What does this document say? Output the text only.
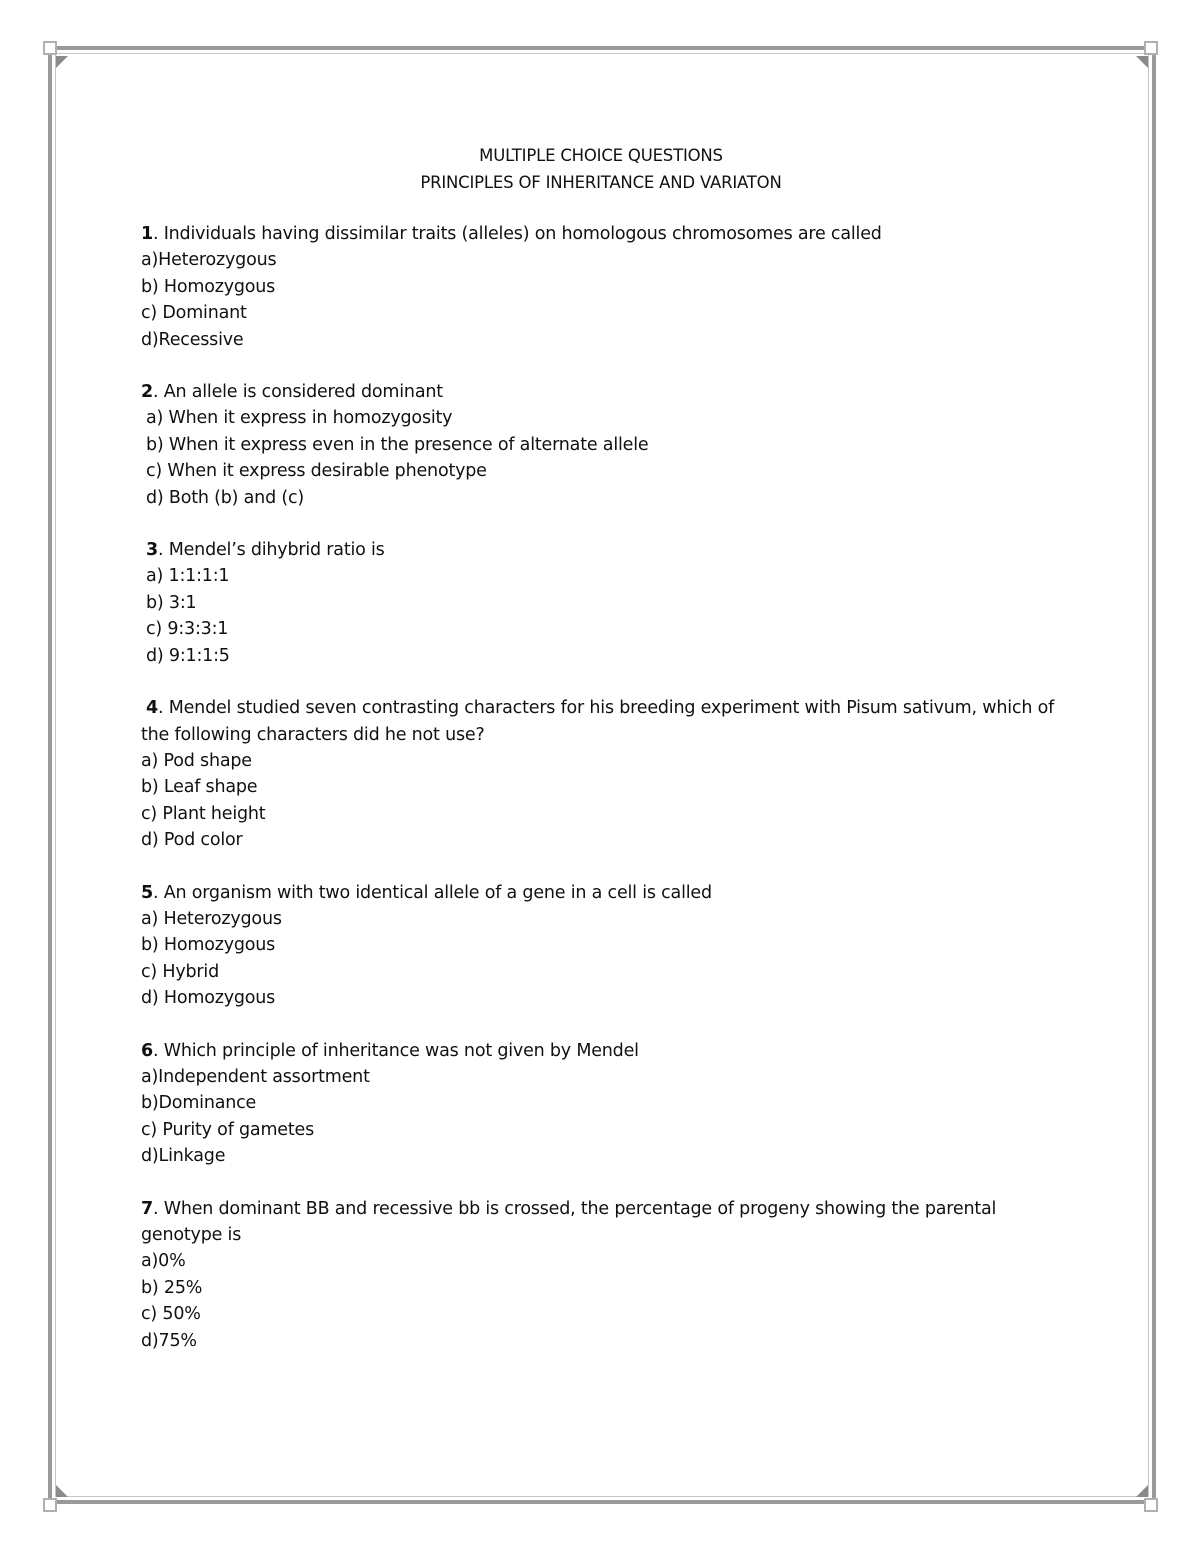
MULTIPLE CHOICE QUESTIONS

PRINCIPLES OF INHERITANCE AND VARIATON

1. Individuals having dissimilar traits (alleles) on homologous chromosomes are called
a)Heterozygous
b) Homozygous
c) Dominant
d)Recessive
2. An allele is considered dominant
a) When it express in homozygosity
b) When it express even in the presence of alternate allele
c) When it express desirable phenotype
d) Both (b) and (c)
3. Mendel’s dihybrid ratio is
a) 1:1:1:1
b) 3:1
c) 9:3:3:1
d) 9:1:1:5
4. Mendel studied seven contrasting characters for his breeding experiment with Pisum sativum, which of the following characters did he not use?
a) Pod shape
b) Leaf shape
c) Plant height
d) Pod color
5. An organism with two identical allele of a gene in a cell is called
a) Heterozygous
b) Homozygous
c) Hybrid
d) Homozygous
6. Which principle of inheritance was not given by Mendel
a)Independent assortment
b)Dominance
c) Purity of gametes
d)Linkage
7. When dominant BB and recessive bb is crossed, the percentage of progeny showing the parental genotype is
a)0%
b) 25%
c) 50%
d)75%
